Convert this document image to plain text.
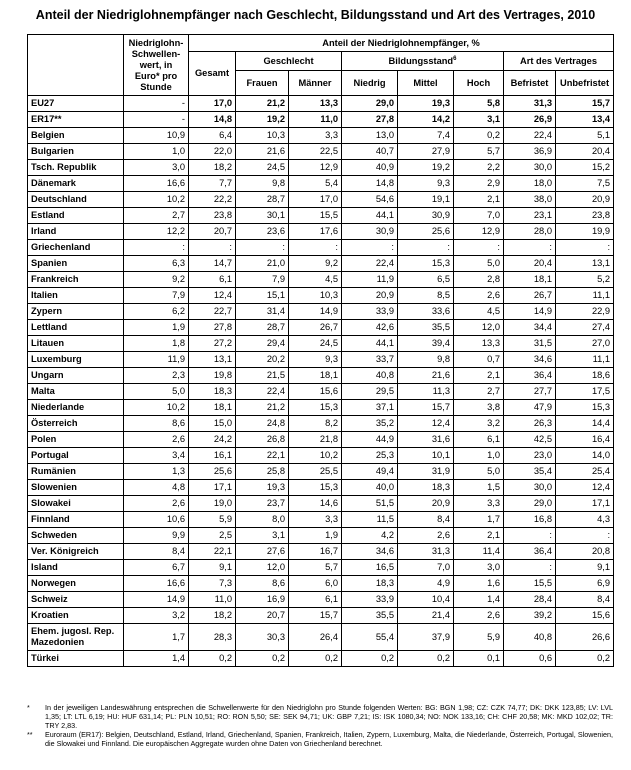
Anteil der Niedriglohnempfänger nach Geschlecht, Bildungsstand und Art des Vertrages, 2010
	Niedriglohn-Schwellen-wert, in Euro* pro Stunde	Anteil der Niedriglohnempfänger, %							
		Gesamt	Geschlecht		Bildungsstand$^6$			Art des Vertrages	
			Frauen	Männer	Niedrig	Mittel	Hoch	Befristet	Unbefristet
EU27	-	17,0	21,2	13,3	29,0	19,3	5,8	31,3	15,7
ER17**	-	14,8	19,2	11,0	27,8	14,2	3,1	26,9	13,4
Belgien	10,9	6,4	10,3	3,3	13,0	7,4	0,2	22,4	5,1
Bulgarien	1,0	22,0	21,6	22,5	40,7	27,9	5,7	36,9	20,4
Tsch. Republik	3,0	18,2	24,5	12,9	40,9	19,2	2,2	30,0	15,2
Dänemark	16,6	7,7	9,8	5,4	14,8	9,3	2,9	18,0	7,5
Deutschland	10,2	22,2	28,7	17,0	54,6	19,1	2,1	38,0	20,9
Estland	2,7	23,8	30,1	15,5	44,1	30,9	7,0	23,1	23,8
Irland	12,2	20,7	23,6	17,6	30,9	25,6	12,9	28,0	19,9
Griechenland	:	:	:	:	:	:	:	:	:
Spanien	6,3	14,7	21,0	9,2	22,4	15,3	5,0	20,4	13,1
Frankreich	9,2	6,1	7,9	4,5	11,9	6,5	2,8	18,1	5,2
Italien	7,9	12,4	15,1	10,3	20,9	8,5	2,6	26,7	11,1
Zypern	6,2	22,7	31,4	14,9	33,9	33,6	4,5	14,9	22,9
Lettland	1,9	27,8	28,7	26,7	42,6	35,5	12,0	34,4	27,4
Litauen	1,8	27,2	29,4	24,5	44,1	39,4	13,3	31,5	27,0
Luxemburg	11,9	13,1	20,2	9,3	33,7	9,8	0,7	34,6	11,1
Ungarn	2,3	19,8	21,5	18,1	40,8	21,6	2,1	36,4	18,6
Malta	5,0	18,3	22,4	15,6	29,5	11,3	2,7	27,7	17,5
Niederlande	10,2	18,1	21,2	15,3	37,1	15,7	3,8	47,9	15,3
Österreich	8,6	15,0	24,8	8,2	35,2	12,4	3,2	26,3	14,4
Polen	2,6	24,2	26,8	21,8	44,9	31,6	6,1	42,5	16,4
Portugal	3,4	16,1	22,1	10,2	25,3	10,1	1,0	23,0	14,0
Rumänien	1,3	25,6	25,8	25,5	49,4	31,9	5,0	35,4	25,4
Slowenien	4,8	17,1	19,3	15,3	40,0	18,3	1,5	30,0	12,4
Slowakei	2,6	19,0	23,7	14,6	51,5	20,9	3,3	29,0	17,1
Finnland	10,6	5,9	8,0	3,3	11,5	8,4	1,7	16,8	4,3
Schweden	9,9	2,5	3,1	1,9	4,2	2,6	2,1	:	:
Ver. Königreich	8,4	22,1	27,6	16,7	34,6	31,3	11,4	36,4	20,8
Island	6,7	9,1	12,0	5,7	16,5	7,0	3,0	:	9,1
Norwegen	16,6	7,3	8,6	6,0	18,3	4,9	1,6	15,5	6,9
Schweiz	14,9	11,0	16,9	6,1	33,9	10,4	1,4	28,4	8,4
Kroatien	3,2	18,2	20,7	15,7	35,5	21,4	2,6	39,2	15,6
Ehem. jugosl. Rep. Mazedonien	1,7	28,3	30,3	26,4	55,4	37,9	5,9	40,8	26,6
Türkei	1,4	0,2	0,2	0,2	0,2	0,2	0,1	0,6	0,2
*	In der jeweiligen Landeswährung entsprechen die Schwellenwerte für den Niedriglohn pro Stunde folgenden Werten: BG: BGN 1,98; CZ: CZK 74,77; DK: DKK 123,85; LV: LVL 1,35; LT: LTL 6,19; HU: HUF 631,14; PL: PLN 10,51; RO: RON 5,50; SE: SEK 94,71; UK: GBP 7,21; IS: ISK 1080,34; NO: NOK 133,16; CH: CHF 20,58; MK: MKD 102,02; TR: TRY 2,83.
**	Euroraum (ER17): Belgien, Deutschland, Estland, Irland, Griechenland, Spanien, Frankreich, Italien, Zypern, Luxemburg, Malta, die Niederlande, Österreich, Portugal, Slowenien, die Slowakei und Finnland. Die europäischen Aggregate wurden ohne Daten von Griechenland berechnet.
